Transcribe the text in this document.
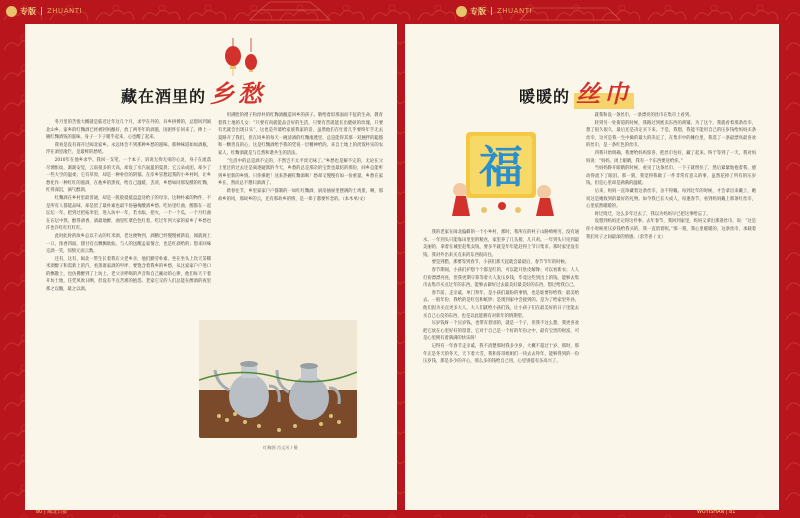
专版 ZHUANTI	专版 ZHUANTI
藏在酒里的 乡愁

冬月里的苦悦大概就是临近过年这几个月，求学在外的、异乡拼搏的，总想回到闽北山乡。家乡的红麴酒已经被阿妈酿好，放了两冬年的酒滋，国困怀仔回来了。捧上一碗红麴酒钱的滋味，身子一下子暖乎起来，心也醒了起来。

我看是没有商开过闽北家乡。永远体会不到那种乡愁的滋味。那种味道如如酒瓶，浮在酒里滚烂，是最鲜的愁绪。

2010年在他乡求学。我回一支笔，一个本子，诉说无拘无束的心灵，身子在流落尽惆怅纹，渐渐安觉，云南很多的天高，却没了水汽氤氲的夏晨；它云朵成团，却少了一些大空的温柔；它有草原，却是一种朴俭的阴郁。在岸乡冒想起我的小乡村呵，让乡愁化作一种红红的滋酒，在他乡的黑夜，给自己温暖、丢淡、乡愁如同那发酵的红麴，红得深沉，滴气醇酒。

红麴酒在乡村里最普通，却是一般般抵抵盘盘送给子的母亲。这种朴素的物件，不是所有人都能品味，却是留了最朴素也最不俗悬梅酸酒乡愁。吃坊里红曲，醇都在一起坛坛一年。把到过把拓米里，进入坊中一年，若水酝，把火，一个一个瓜，一个月红曲在在坛中熬，醇得酒香，酒最地醉，曲里红菜色色红着，吃过年到大家的家乡了乡愁也许也许红红红红红。

此时此时的故乡总以千去的红米酒，老这便物到，酒精已经慢慢被新追，闻就观上一口，浓香四溢，甜甘有点飘飘欲仙。与人的送醒孟家情合，也是红酒给的；想来回味完酒一笑，惊愤元而云数。

还有，这有，闽北一带生长着我在父老乡亲，他们勤劳朴素，坐在坐头上饮天茶糯米酒醇子和需新上的汽，看蒸谁家酒的甲坪，要饱含着我乡的乡愁，从这家家户户进口的飘散上，也仿佛醉到了上坊上。老父亲呼喝的声音和自己碗动的心律，他们每天干着开坊土地，任凭风吹日晒，但没有半点苦难的抱怨。老家它交的人们总能在醉酒的夜里那之以酿，最之以酒。

用满脸的褶子和淳朴的红麴酒酿造回乡的孩子。敬给着似那面而不征的生命，教育着我土地的儿女：“只要有肉就能品尝好的生活，只要有营就能长出健硕的玫瑰，只要有光就会出现日头”，这也是外婆给家族我家的话，虽然他们在忙着几乎要终年手无去夏路开了我们，但在同乡的每天一碗清酒的红麴滚透里，总是能得其那一双翘拌的聪豁和一颗善良的心，这是红麴酒给予我的凭说一层精神给的。来自土地上的淡饭朴实的农家人，红麴酒就是与自然和谐共生的活法。

“生活中的总是酒不完的，不然岂不太平淡无味了。”乡愁也是解不完的，无论在父土里过的过去还是离逐疑派的今天，乡愁的总是那杂的宝贵也最陪的那份，回乡总能听到乡里新的乡情。只你乘吧！送来热碗红麴酒喝！愁却又慢慢有如一份重量，乡愁在家乡在，然而总不想归酒酒了。

新春往节，乡里家家户户都制的一如红红麴酒，厨房抽屉里摆满的土鸡蛋，啊，那故乡的风，那故乡的云，还有那故乡的情，是一辈子都要怀念的。（本木单/文）

红麴酒 肖文风 / 摄
暖暖的 丝巾

就我和没一条丝巾，一条漂亮的丝巾在集市上看到。

转到另一处街道的时候，我路过到底卖东西的商铺。为了这个，我就看着那条丝巾，想了很久很久，最后还是决定买下来。于是，我想，我能不能用自己的压岁钱给妈妈买条丝巾，这可是我一生中做的最大的决定了，在集市中的摊位里，我选了一条最漂亮最喜欢的丝巾，是一条红色的丝巾。

四我开始明确，我要给妈妈惊喜，把丝巾包好，藏了起来。终于等到了一天，我对妈妈说：“妈妈，闭上眼睛，我有一个东西要送给你。”

当妈妈睁开眼睛的时候，看见了这条丝巾，一下子就愣住了，然后紧紧地抱着我，感动得流下了眼泪。那一刻，我觉得我做了一件非常有意义的事，虽然花掉了所有的压岁钱，但是心里却是满满的温暖。

后来，妈妈一直珍藏着这条丝巾，舍不得戴。每到过年的时候，才会拿出来戴上，她说这是她收到的最好的礼物。如今我已长大成人，每逢春节，看到妈妈戴上那条红丝巾，心里依然暖暖的。

时过境迁，这么多年过去了，我以为妈妈早已把这事给忘了。

没想到妈妈还记得这件事。去年春节，我回到家里，妈妈又拿出那条丝巾，说：“这是你小时候用压岁钱给我买的，我一直留着呢。”那一刻，我心里暖暖的，这条丝巾，承载着我们母子之间最深的情感。（余芳喜 / 文）

我的老家在闽北偏僻的一个小乡村，那时，我所在的村子山路崎岖穷，没有通水。一年到头只能靠田里里的粮食，家里养了几头猪、几只鸡。一年到头只见到最美丽的，拿着在城里赶集卖钱，要多半就是年年能赶得上节日集市。那时家里没有钱，我对外出来买点来的东西很向往。

要是到腊，那要等到春节，小孩们那天起就会最最后，春节节年的时候。

春节期间，小孩们护想个个都是红的，可以能开肚皮解馋；可以看新衣；人人打扮漂漂亮亮，但我更期守算等着大人发压岁钱，毕竟这些到出上的钱，能够去集市去集市买点过年的东西。能够去做好过去最美好最美好的东西，想过给我自己。

春节前，走亲戚，单门拜年，是小孩们最盼的事情，也是谁要你给我：最美给去。一般年份，我给的是红包和纸钞；是现到家中会接到的。是为了给家里外孙，他们因为买点更多大人，大人们就给小孩们钱，让小孩子们在最美好的日子里能去买自己心仪的东西，也是以此能拥有对新年的情期望。

压岁钱呀一个压岁钱。也带有着别的，就是一个子，但我不这么想，我更喜欢把它放在心里好好的留着，它对于自己是一个好的年份之中，最有宝贵的财富，可是心里拥有着满满的快乐呀！

记得有一年春节走亲戚，我不清楚那时我多少岁，大概不超过十岁。那时，那年正是冬天的冬天，天下着大雪，我和哥哥姐姐们一块去去拜年，能够得到的一份压岁钱，那是多少的开心，那么多的钱给自己用，心里别提有多高兴了。

福
80 | 闽北日报	WUYISHAN | 81
